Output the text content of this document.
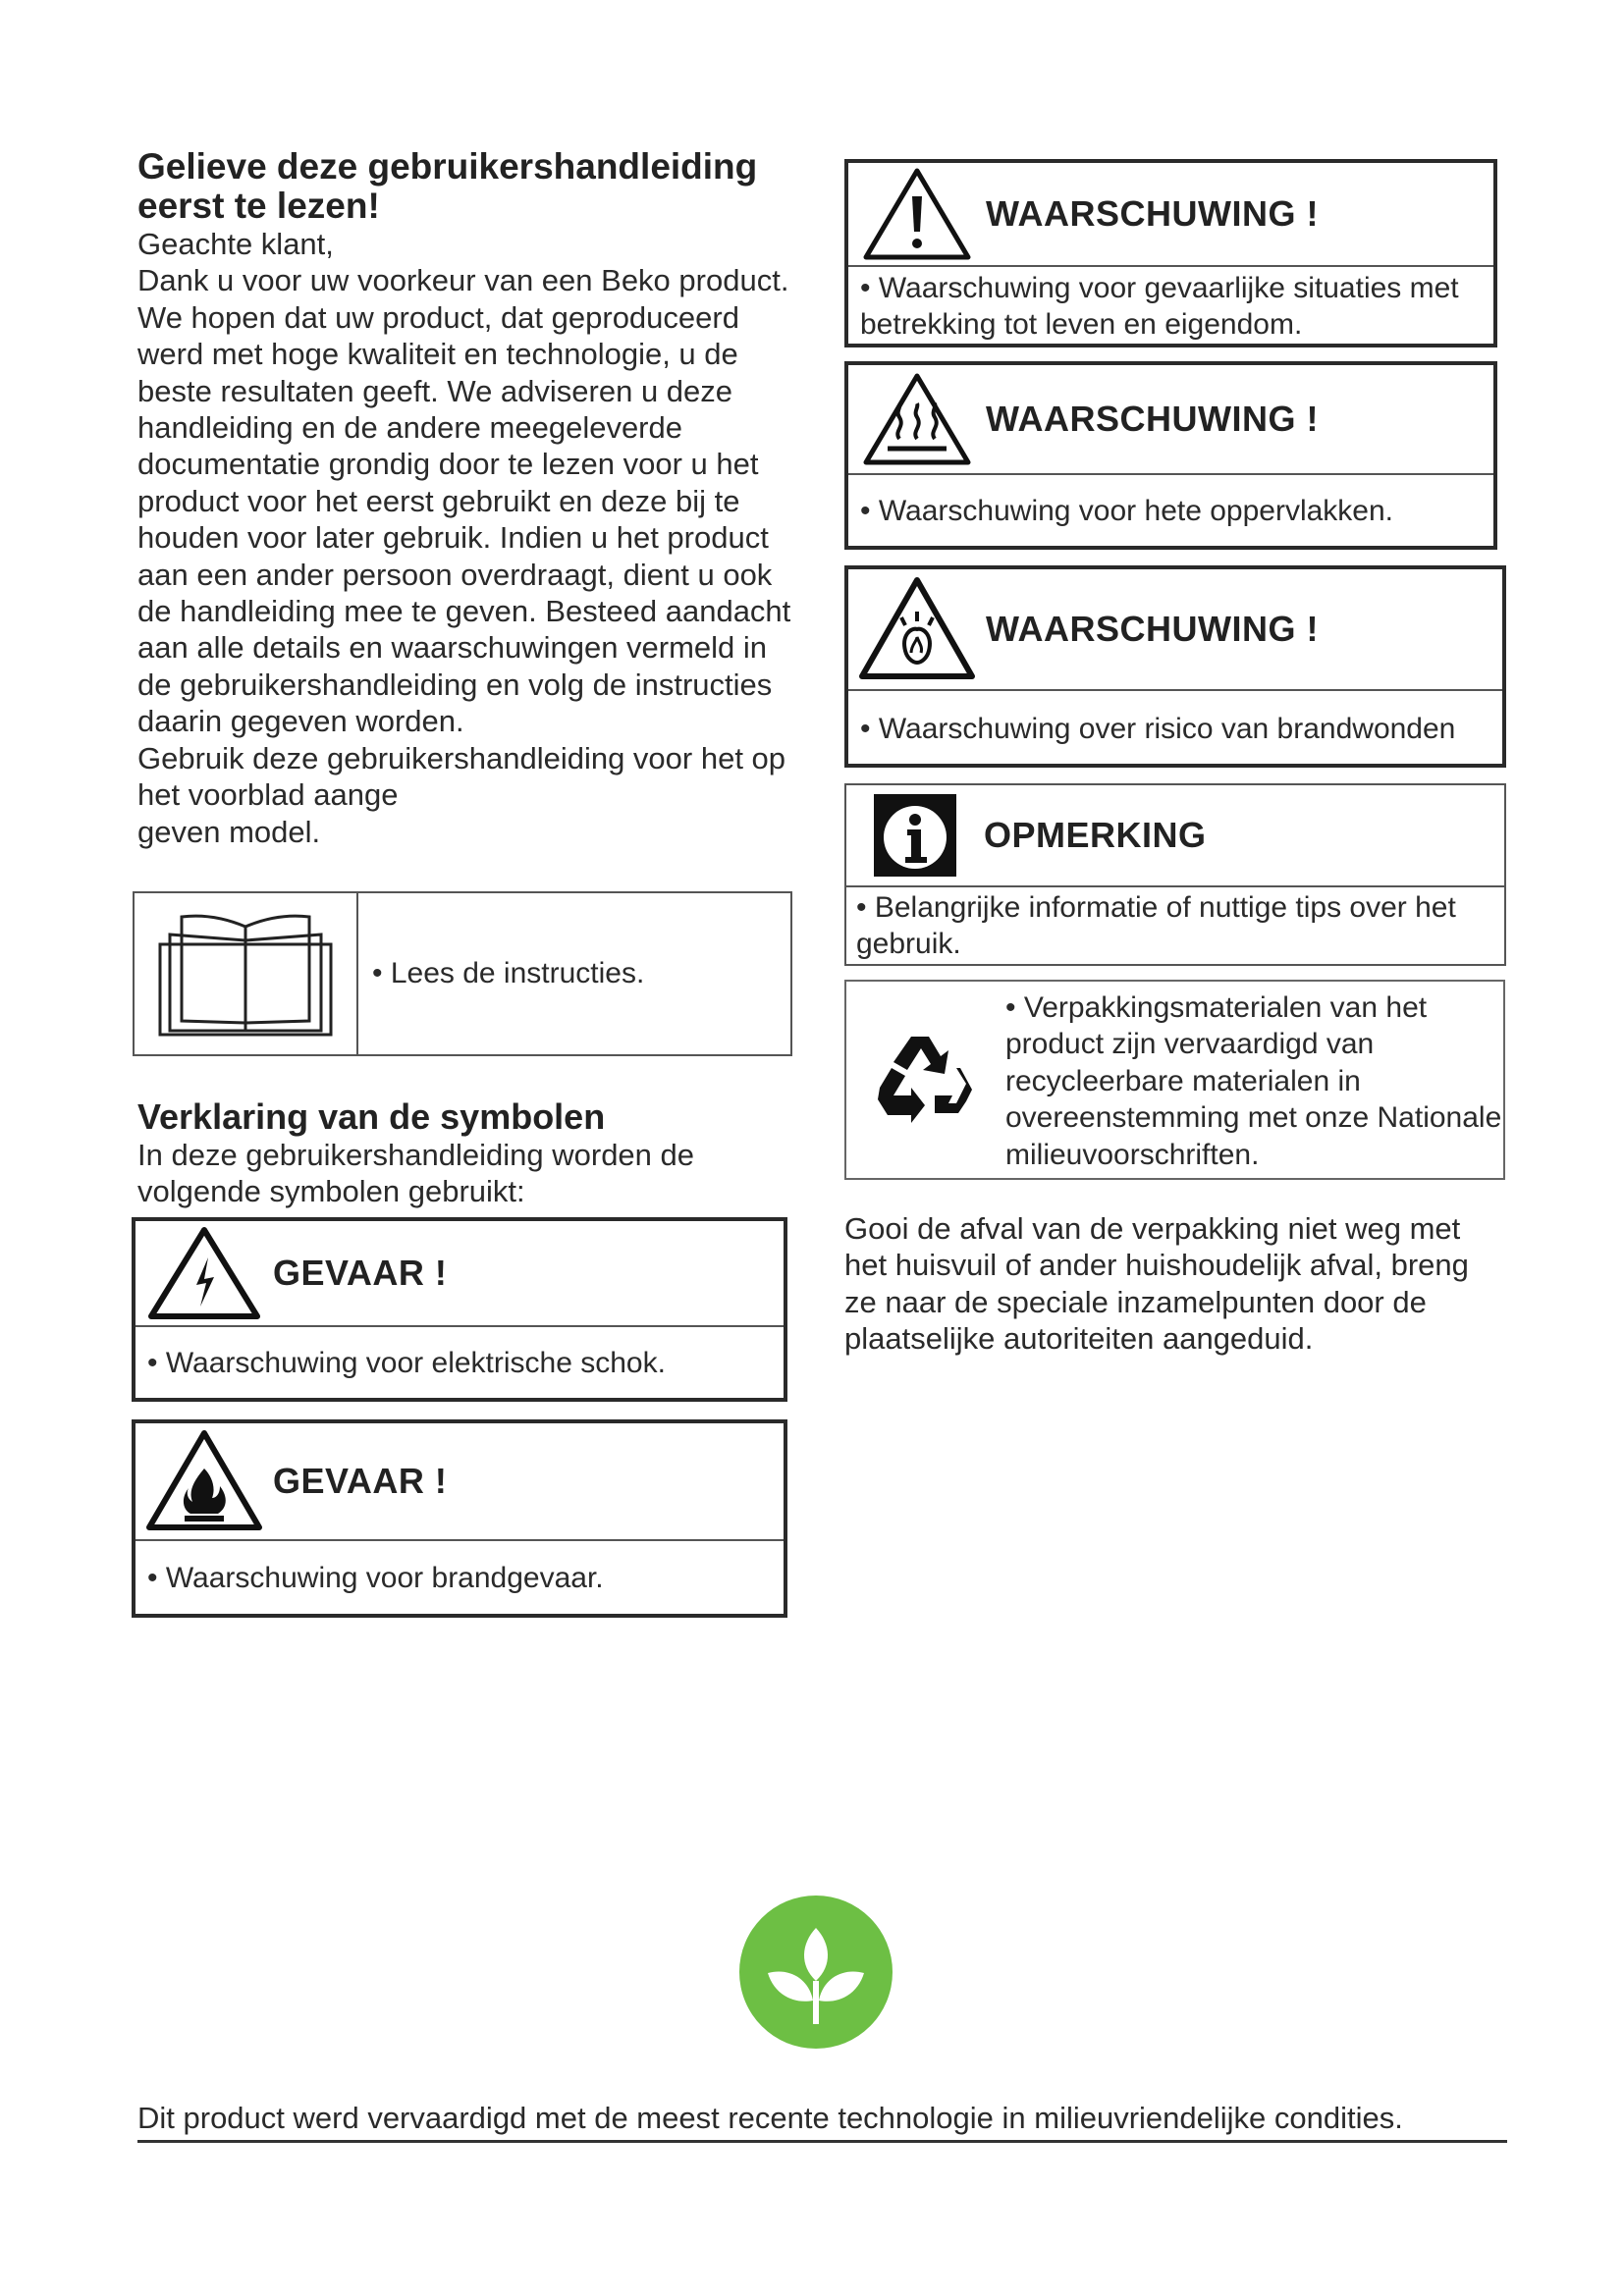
Gelieve deze gebruikershandleiding eerst te lezen!

Geachte klant,

Dank u voor uw voorkeur van een Beko product. We hopen dat uw product, dat geproduceerd werd met hoge kwaliteit en technologie, u de beste resultaten geeft. We adviseren u deze handleiding en de andere meegeleverde documentatie grondig door te lezen voor u het product voor het eerst gebruikt en deze bij te houden voor later gebruik. Indien u het product aan een ander persoon overdraagt, dient u ook de handleiding mee te geven. Besteed aandacht aan alle details en waarschuwingen vermeld in de gebruikershandleiding en volg de instructies daarin gegeven worden.

Gebruik deze gebruikershandleiding voor het op het voorblad aange

geven model.

• Lees de instructies.
Verklaring van de symbolen

In deze gebruikershandleiding worden de volgende symbolen gebruikt:

GEVAAR !
• Waarschuwing voor elektrische schok.
GEVAAR !
• Waarschuwing voor brandgevaar.
WAARSCHUWING !
• Waarschuwing voor gevaarlijke situaties met betrekking tot leven en eigendom.
WAARSCHUWING !
• Waarschuwing voor hete oppervlakken.
WAARSCHUWING !
• Waarschuwing over risico van brandwonden
OPMERKING
• Belangrijke informatie of nuttige tips over het gebruik.
• Verpakkingsmaterialen van het product zijn vervaardigd van recycleerbare materialen in overeenstemming met onze Nationale milieuvoorschriften.
Gooi de afval van de verpakking niet weg met het huisvuil of ander huishoudelijk afval, breng ze naar de speciale inzamelpunten door de plaatselijke autoriteiten aangeduid.
Dit product werd vervaardigd met de meest recente technologie in milieuvriendelijke condities.
